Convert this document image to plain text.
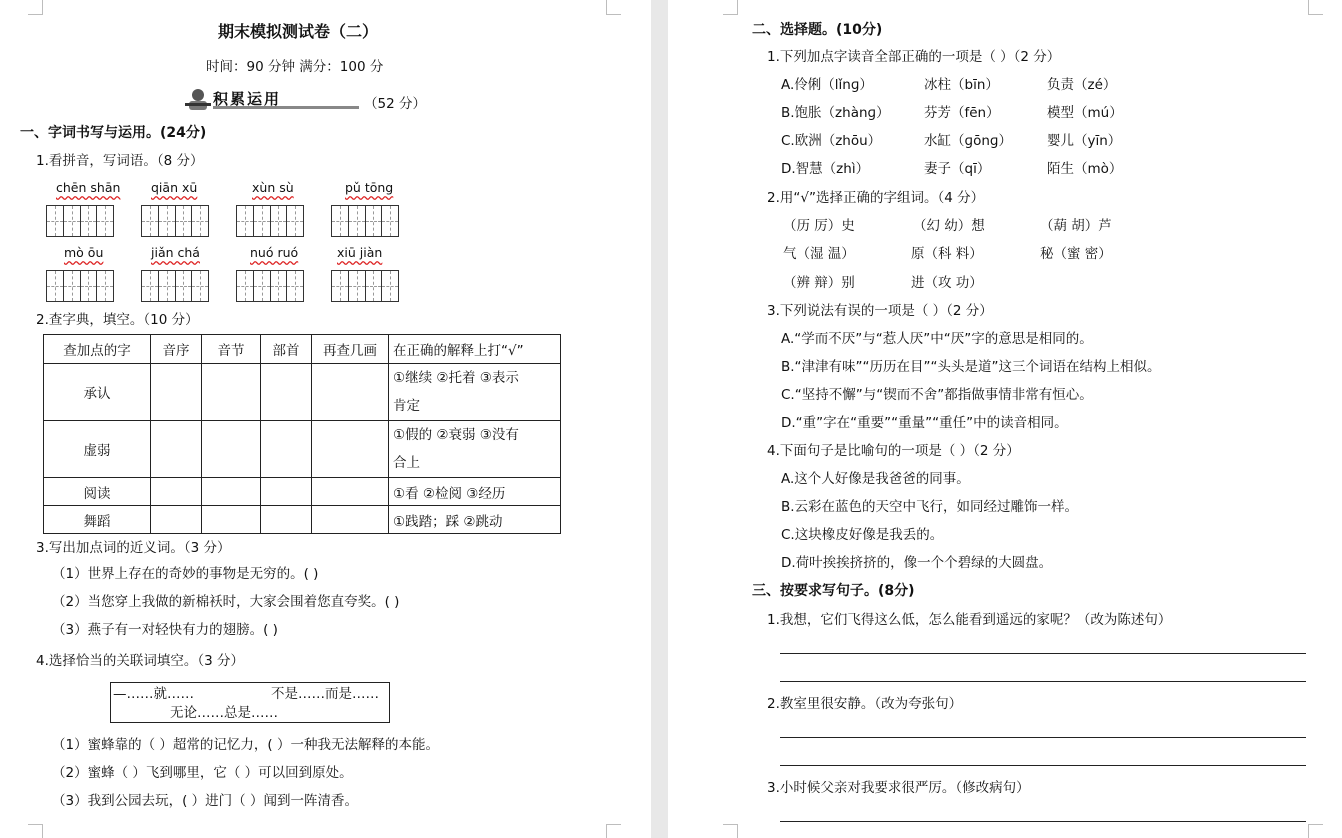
期末模拟测试卷（二）
时间：90 分钟 满分：100 分
积累运用	（52 分）
一、字词书写与运用。(24分)
1.看拼音，写词语。（8 分）
chēn shān qiān xū	xùn sù	pǔ tōng
mò ōu	jiǎn chá	nuó ruó	xiū jiàn
2.查字典，填空。（10 分）
查加点的字	音序	音节	部首	再查几画	在正确的解释上打“√”
承认					①继续 ②托着 ③表示
肯定

虚弱					①假的 ②衰弱 ③没有
合上

阅读					①看 ②检阅 ③经历
舞蹈					①践踏；踩 ②跳动
3.写出加点词的近义词。（3 分）
（1）世界上存在的奇妙的事物是无穷的。( )
（2）当您穿上我做的新棉袄时，大家会围着您直夸奖。( )
（3）燕子有一对轻快有力的翅膀。( )
4.选择恰当的关联词填空。（3 分）
—……就……	不是……而是……
无论……总是……
（1）蜜蜂靠的（ ）超常的记忆力，( ）一种我无法解释的本能。
（2）蜜蜂（ ）飞到哪里，它（ ）可以回到原处。
（3）我到公园去玩，( ）进门（ ）闻到一阵清香。
二、选择题。(10分)
1.下列加点字读音全部正确的一项是（ ）（2 分）
A.伶俐（lǐnɡ）	冰柱（bīn）	负责（zé）
B.饱胀（zhànɡ）	芬芳（fēn）	模型（mú）
C.欧洲（zhōu）	水缸（ɡōnɡ）	婴儿（yīn）
D.智慧（zhì）	妻子（qī）	陌生（mò）
2.用“√”选择正确的字组词。（4 分）
（历 厉）史	（幻 幼）想	（葫 胡）芦
气（湿 温）	原（科 料）	秘（蜜 密）
（辨 辩）别	进（攻 功）
3.下列说法有误的一项是（ ）（2 分）
A.“学而不厌”与“惹人厌”中“厌”字的意思是相同的。
B.“津津有味”“历历在目”“头头是道”这三个词语在结构上相似。
C.“坚持不懈”与“锲而不舍”都指做事情非常有恒心。
D.“重”字在“重要”“重量”“重任”中的读音相同。
4.下面句子是比喻句的一项是（ ）（2 分）
A.这个人好像是我爸爸的同事。
B.云彩在蓝色的天空中飞行，如同经过雕饰一样。
C.这块橡皮好像是我丢的。
D.荷叶挨挨挤挤的，像一个个碧绿的大圆盘。
三、按要求写句子。(8分)
1.我想，它们飞得这么低，怎么能看到遥远的家呢？（改为陈述句）
2.教室里很安静。（改为夸张句）
3.小时候父亲对我要求很严厉。（修改病句）
